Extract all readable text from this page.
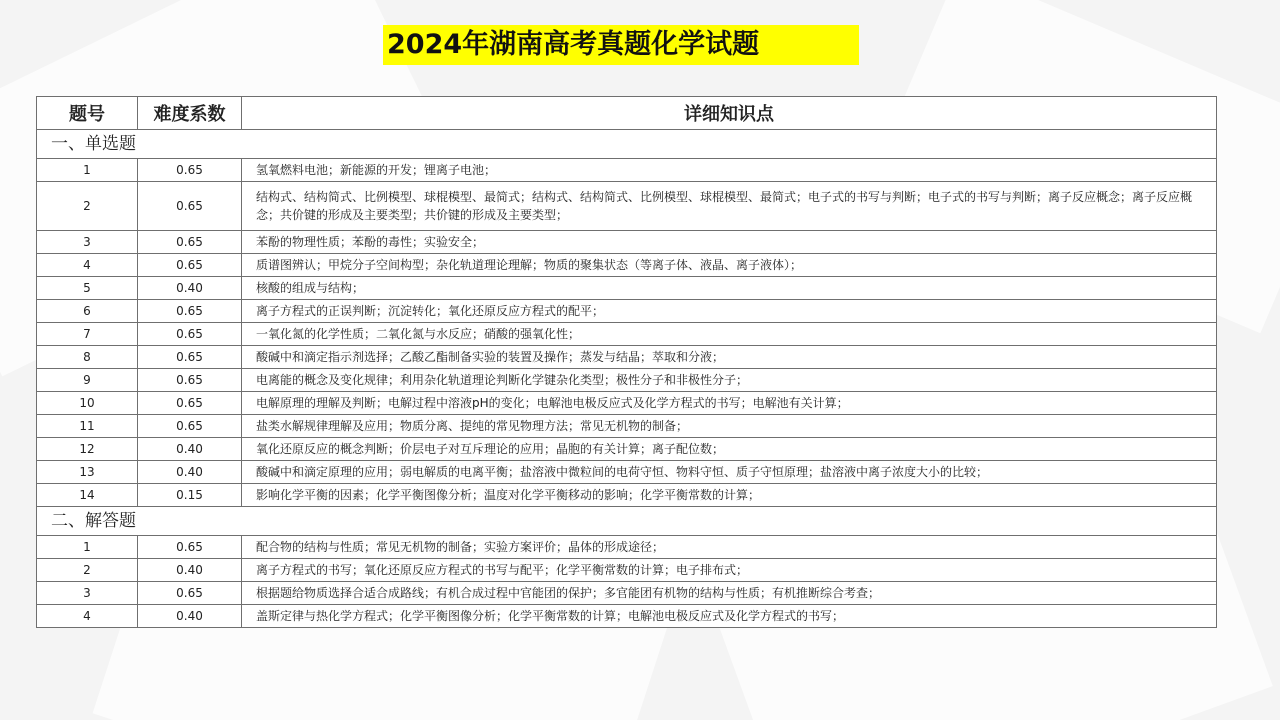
2024年湖南高考真题化学试题
题号	难度系数	详细知识点
一、单选题		
1	0.65	氢氧燃料电池；新能源的开发；锂离子电池；
2	0.65	结构式、结构简式、比例模型、球棍模型、最简式；结构式、结构简式、比例模型、球棍模型、最简式；电子式的书写与判断；电子式的书写与判断；离子反应概念；离子反应概念；共价键的形成及主要类型；共价键的形成及主要类型；
3	0.65	苯酚的物理性质；苯酚的毒性；实验安全；
4	0.65	质谱图辨认；甲烷分子空间构型；杂化轨道理论理解；物质的聚集状态（等离子体、液晶、离子液体）；
5	0.40	核酸的组成与结构；
6	0.65	离子方程式的正误判断；沉淀转化；氧化还原反应方程式的配平；
7	0.65	一氧化氮的化学性质；二氧化氮与水反应；硝酸的强氧化性；
8	0.65	酸碱中和滴定指示剂选择；乙酸乙酯制备实验的装置及操作；蒸发与结晶；萃取和分液；
9	0.65	电离能的概念及变化规律；利用杂化轨道理论判断化学键杂化类型；极性分子和非极性分子；
10	0.65	电解原理的理解及判断；电解过程中溶液pH的变化；电解池电极反应式及化学方程式的书写；电解池有关计算；
11	0.65	盐类水解规律理解及应用；物质分离、提纯的常见物理方法；常见无机物的制备；
12	0.40	氧化还原反应的概念判断；价层电子对互斥理论的应用；晶胞的有关计算；离子配位数；
13	0.40	酸碱中和滴定原理的应用；弱电解质的电离平衡；盐溶液中微粒间的电荷守恒、物料守恒、质子守恒原理；盐溶液中离子浓度大小的比较；
14	0.15	影响化学平衡的因素；化学平衡图像分析；温度对化学平衡移动的影响；化学平衡常数的计算；
二、解答题		
1	0.65	配合物的结构与性质；常见无机物的制备；实验方案评价；晶体的形成途径；
2	0.40	离子方程式的书写；氧化还原反应方程式的书写与配平；化学平衡常数的计算；电子排布式；
3	0.65	根据题给物质选择合适合成路线；有机合成过程中官能团的保护；多官能团有机物的结构与性质；有机推断综合考查；
4	0.40	盖斯定律与热化学方程式；化学平衡图像分析；化学平衡常数的计算；电解池电极反应式及化学方程式的书写；
